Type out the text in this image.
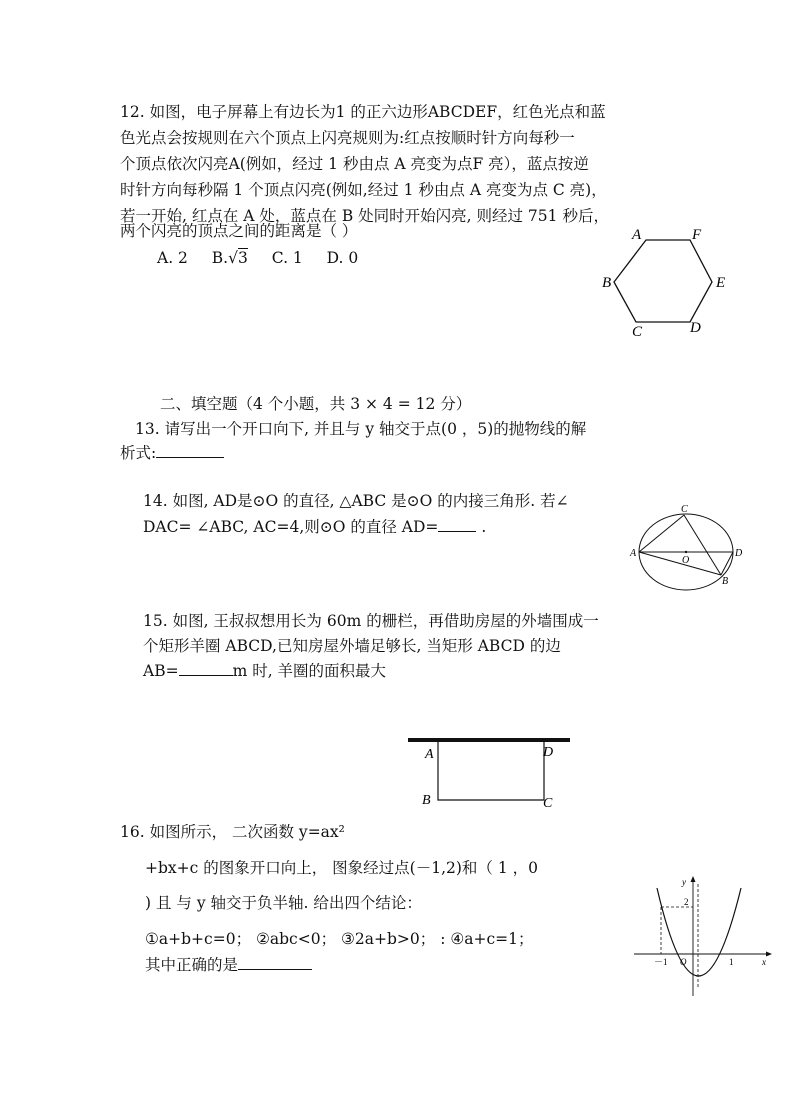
12. 如图，电子屏幕上有边长为1 的正六边形ABCDEF，红色光点和蓝
色光点会按规则在六个顶点上闪亮规则为:红点按顺时针方向每秒一
个顶点依次闪亮A(例如，经过 1 秒由点 A 亮变为点F 亮），蓝点按逆
时针方向每秒隔 1 个顶点闪亮(例如,经过 1 秒由点 A 亮变为点 C 亮)，
若一开始, 红点在 A 处，蓝点在 B 处同时开始闪亮, 则经过 751 秒后，
两个闪亮的顶点之间的距离是（ ）
A. 2 B.√3 C. 1 D. 0
A	F
B	E
C	D
二、填空题（4 个小题，共 3 × 4 = 12 分）
13. 请写出一个开口向下, 并且与 y 轴交于点(0 ，5)的抛物线的解
析式:
14. 如图, AD是⊙O 的直径, △ABC 是⊙O 的内接三角形. 若∠
DAC= ∠ABC, AC=4,则⊙O 的直径 AD= .
A
C
D
O
B
15. 如图, 王叔叔想用长为 60m 的栅栏，再借助房屋的外墙围成一
个矩形羊圈 ABCD,已知房屋外墙足够长, 当矩形 ABCD 的边
AB=	m 时, 羊圈的面积最大
A	D
B	C
16. 如图所示， 二次函数 y=ax²
+bx+c 的图象开口向上， 图象经过点(－1,2)和（ 1 ，0
) 且 与 y 轴交于负半轴. 给出四个结论：
①a+b+c=0； ②abc<0； ③2a+b>0； : ④a+c=1；
其中正确的是
y
2
－1 O	1	x
